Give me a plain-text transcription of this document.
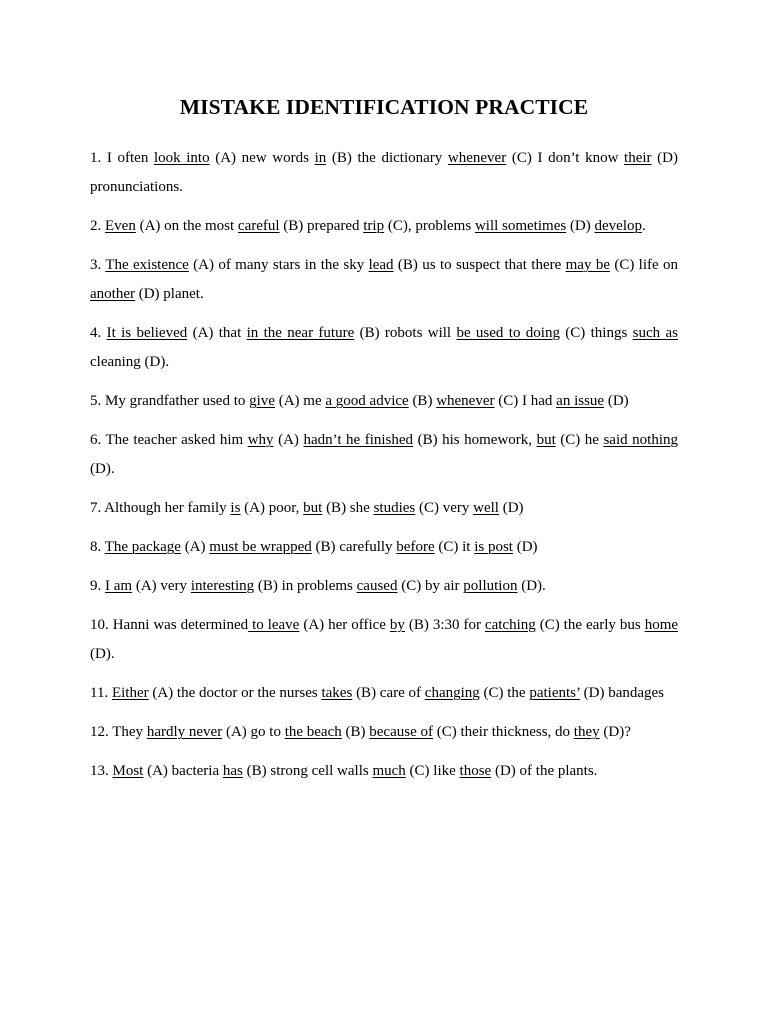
MISTAKE IDENTIFICATION PRACTICE

1. I often look into (A) new words in (B) the dictionary whenever (C) I don’t know their (D) pronunciations.

2. Even (A) on the most careful (B) prepared trip (C), problems will sometimes (D) develop.

3. The existence (A) of many stars in the sky lead (B) us to suspect that there may be (C) life on another (D) planet.

4. It is believed (A) that in the near future (B) robots will be used to doing (C) things such as cleaning (D).

5. My grandfather used to give (A) me a good advice (B) whenever (C) I had an issue (D)

6. The teacher asked him why (A) hadn’t he finished (B) his homework, but (C) he said nothing (D).

7. Although her family is (A) poor, but (B) she studies (C) very well (D)

8. The package (A) must be wrapped (B) carefully before (C) it is post (D)

9. I am (A) very interesting (B) in problems caused (C) by air pollution (D).

10. Hanni was determined to leave (A) her office by (B) 3:30 for catching (C) the early bus home (D).

11. Either (A) the doctor or the nurses takes (B) care of changing (C) the patients’ (D) bandages

12. They hardly never (A) go to the beach (B) because of (C) their thickness, do they (D)?

13. Most (A) bacteria has (B) strong cell walls much (C) like those (D) of the plants.
